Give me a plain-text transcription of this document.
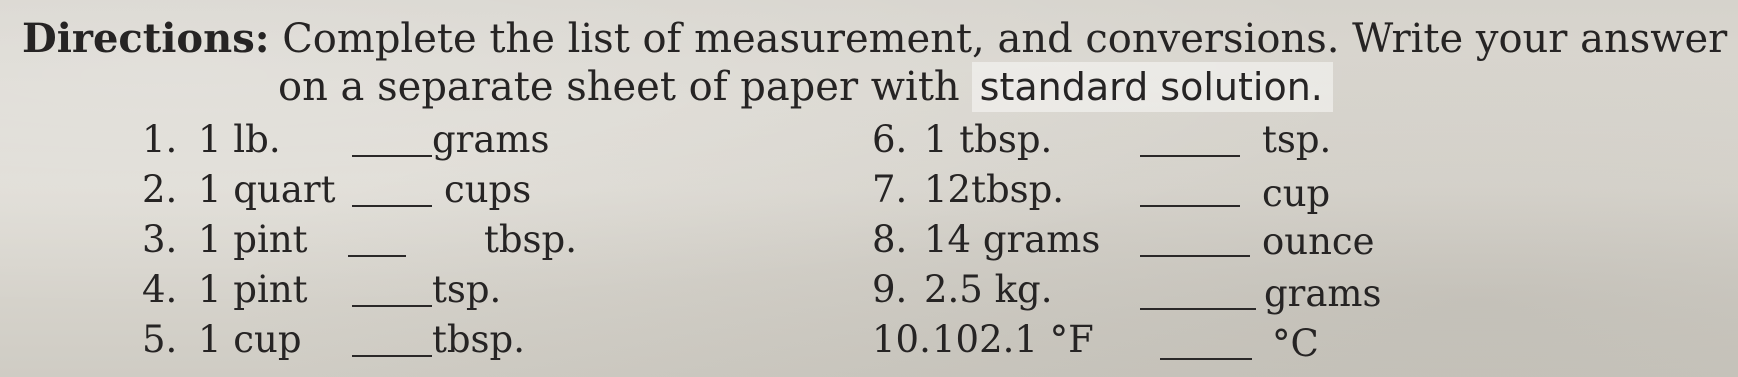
Directions: Complete the list of measurement, and conversions. Write your answer
on a separate sheet of paper with standard solution.
1. 1 lb.	grams
2. 1 quart	cups
3. 1 pint	tbsp.
4. 1 pint	tsp.
5. 1 cup	tbsp.
6. 1 tbsp.	tsp.
7. 12tbsp.	cup
8. 14 grams	ounce
9. 2.5 kg.	grams
10. 102.1 °F	°C
